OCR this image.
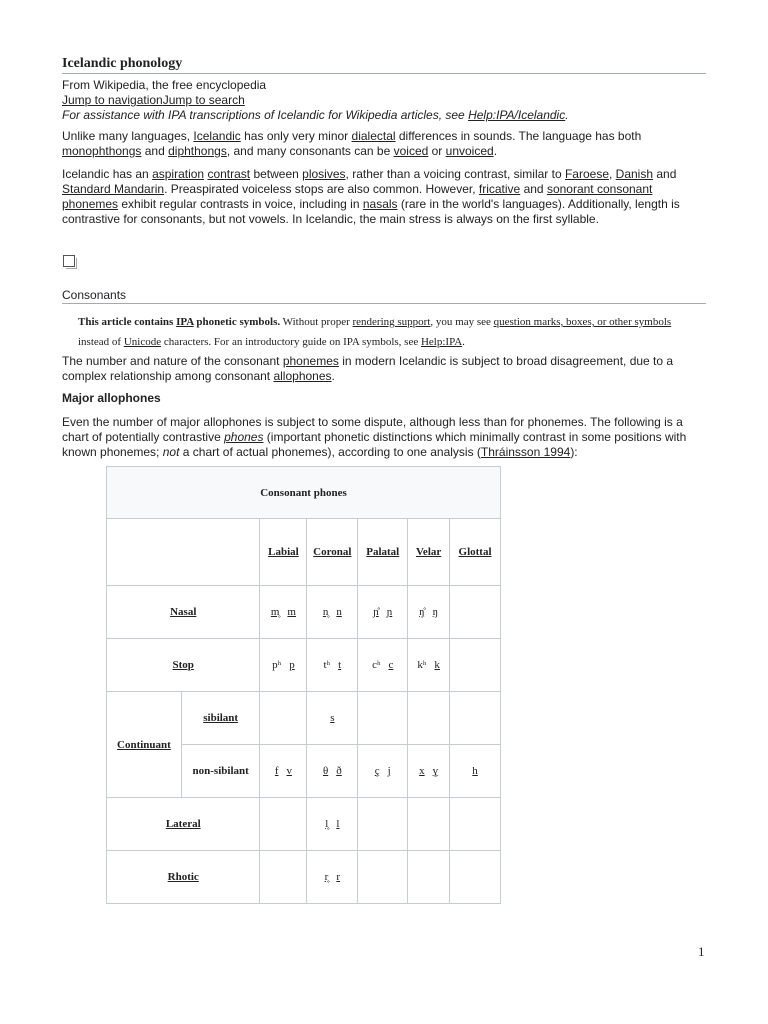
Icelandic phonology
From Wikipedia, the free encyclopedia
Jump to navigationJump to search
For assistance with IPA transcriptions of Icelandic for Wikipedia articles, see Help:IPA/Icelandic.

Unlike many languages, Icelandic has only very minor dialectal differences in sounds. The language has both monophthongs and diphthongs, and many consonants can be voiced or unvoiced.

Icelandic has an aspiration contrast between plosives, rather than a voicing contrast, similar to Faroese, Danish and Standard Mandarin. Preaspirated voiceless stops are also common. However, fricative and sonorant consonant phonemes exhibit regular contrasts in voice, including in nasals (rare in the world's languages). Additionally, length is contrastive for consonants, but not vowels. In Icelandic, the main stress is always on the first syllable.

Consonants
This article contains IPA phonetic symbols. Without proper rendering support, you may see question marks, boxes, or other symbols instead of Unicode characters. For an introductory guide on IPA symbols, see Help:IPA.

The number and nature of the consonant phonemes in modern Icelandic is subject to broad disagreement, due to a complex relationship among consonant allophones.

Major allophones

Even the number of major allophones is subject to some dispute, although less than for phonemes. The following is a chart of potentially contrastive phones (important phonetic distinctions which minimally contrast in some positions with known phonemes; not a chart of actual phonemes), according to one analysis (Thráinsson 1994):

Consonant phones						
		Labial	Coronal	Palatal	Velar	Glottal
Nasal		m̥ m	n̥ n	ɲ̊ ɲ	ŋ̊ ŋ	
Stop		pʰ p	tʰ t	cʰ c	kʰ k	
Continuant	sibilant		s			
	non-sibilant	f v	θ ð	ç j	x ɣ	h
Lateral			l̥ l			
Rhotic			r̥ r			
1
